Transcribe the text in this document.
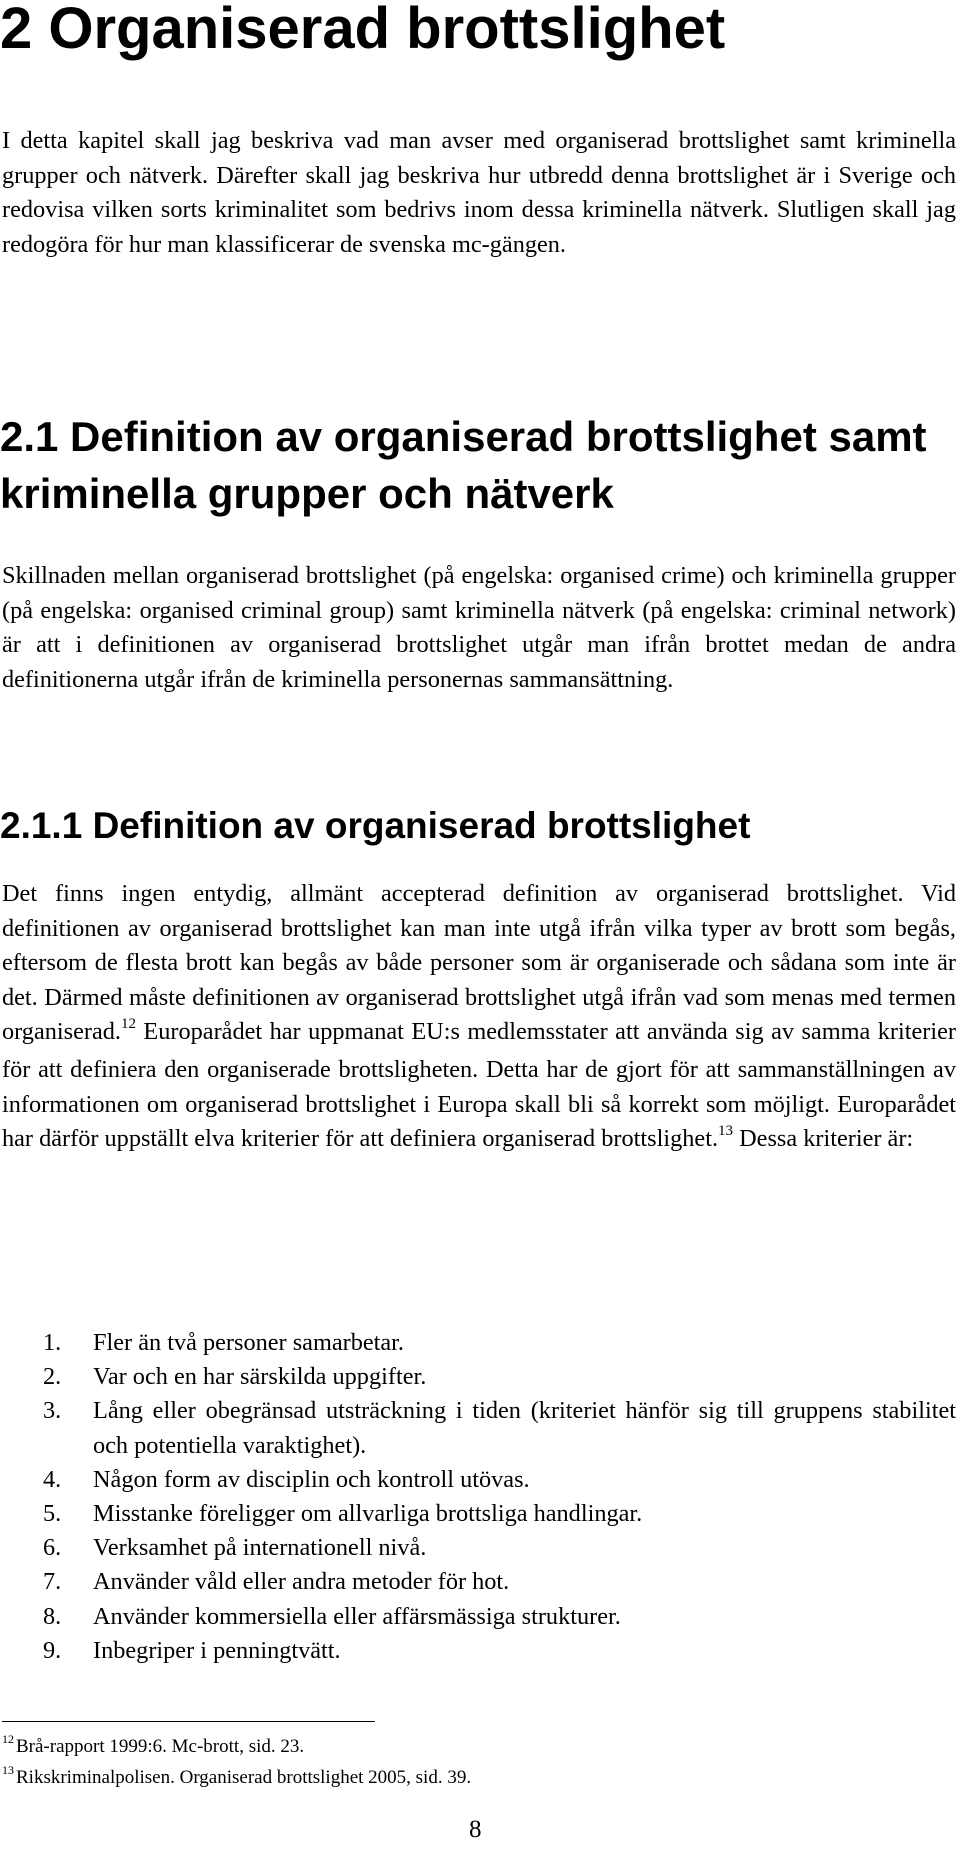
2 Organiserad brottslighet

I detta kapitel skall jag beskriva vad man avser med organiserad brottslighet samt kriminella grupper och nätverk. Därefter skall jag beskriva hur utbredd denna brottslighet är i Sverige och redovisa vilken sorts kriminalitet som bedrivs inom dessa kriminella nätverk. Slutligen skall jag redogöra för hur man klassificerar de svenska mc-gängen.

2.1 Definition av organiserad brottslighet samt kriminella grupper och nätverk

Skillnaden mellan organiserad brottslighet (på engelska: organised crime) och kriminella grupper (på engelska: organised criminal group) samt kriminella nätverk (på engelska: criminal network) är att i definitionen av organiserad brottslighet utgår man ifrån brottet medan de andra definitionerna utgår ifrån de kriminella personernas sammansättning.

2.1.1 Definition av organiserad brottslighet

Det finns ingen entydig, allmänt accepterad definition av organiserad brottslighet. Vid definitionen av organiserad brottslighet kan man inte utgå ifrån vilka typer av brott som begås, eftersom de flesta brott kan begås av både personer som är organiserade och sådana som inte är det. Därmed måste definitionen av organiserad brottslighet utgå ifrån vad som menas med termen organiserad.$^{12}$ Europarådet har uppmanat EU:s medlemsstater att använda sig av samma kriterier för att definiera den organiserade brottsligheten. Detta har de gjort för att sammanställningen av informationen om organiserad brottslighet i Europa skall bli så korrekt som möjligt. Europarådet har därför uppställt elva kriterier för att definiera organiserad brottslighet.$^{13}$ Dessa kriterier är:

1. Fler än två personer samarbetar.
2. Var och en har särskilda uppgifter.
3. Lång eller obegränsad utsträckning i tiden (kriteriet hänför sig till gruppens stabilitet och potentiella varaktighet).
4. Någon form av disciplin och kontroll utövas.
5. Misstanke föreligger om allvarliga brottsliga handlingar.
6. Verksamhet på internationell nivå.
7. Använder våld eller andra metoder för hot.
8. Använder kommersiella eller affärsmässiga strukturer.
9. Inbegriper i penningtvätt.
$^{12}$ Brå-rapport 1999:6. Mc-brott, sid. 23.
$^{13}$ Rikskriminalpolisen. Organiserad brottslighet 2005, sid. 39.
8
